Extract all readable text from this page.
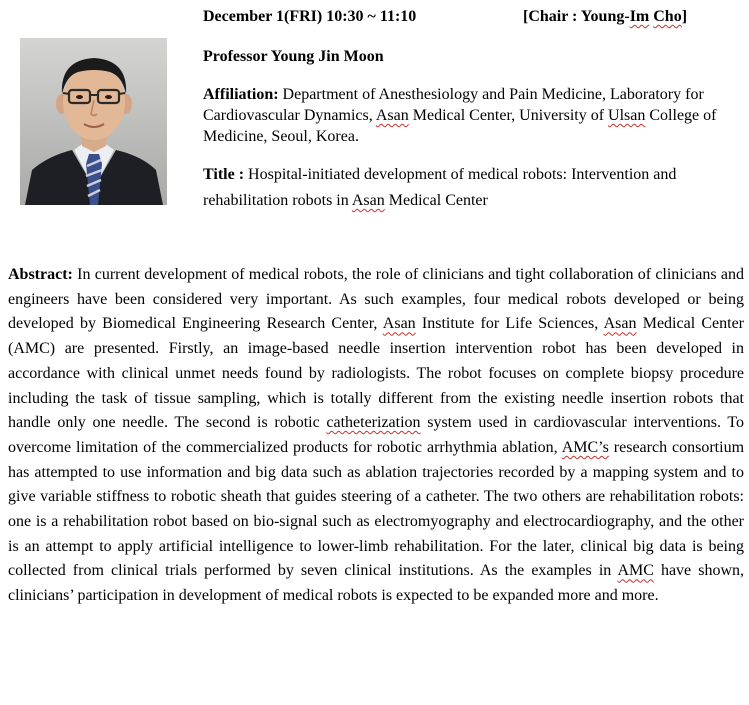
December 1(FRI) 10:30 ~ 11:10	[Chair : Young-Im Cho]
Professor Young Jin Moon
Affiliation: Department of Anesthesiology and Pain Medicine, Laboratory for Cardiovascular Dynamics, Asan Medical Center, University of Ulsan College of Medicine, Seoul, Korea.
Title : Hospital-initiated development of medical robots: Intervention and rehabilitation robots in Asan Medical Center
Abstract: In current development of medical robots, the role of clinicians and tight collaboration of clinicians and engineers have been considered very important. As such examples, four medical robots developed or being developed by Biomedical Engineering Research Center, Asan Institute for Life Sciences, Asan Medical Center (AMC) are presented. Firstly, an image-based needle insertion intervention robot has been developed in accordance with clinical unmet needs found by radiologists. The robot focuses on complete biopsy procedure including the task of tissue sampling, which is totally different from the existing needle insertion robots that handle only one needle. The second is robotic catheterization system used in cardiovascular interventions. To overcome limitation of the commercialized products for robotic arrhythmia ablation, AMC’s research consortium has attempted to use information and big data such as ablation trajectories recorded by a mapping system and to give variable stiffness to robotic sheath that guides steering of a catheter. The two others are rehabilitation robots: one is a rehabilitation robot based on bio-signal such as electromyography and electrocardiography, and the other is an attempt to apply artificial intelligence to lower-limb rehabilitation. For the later, clinical big data is being collected from clinical trials performed by seven clinical institutions. As the examples in AMC have shown, clinicians’ participation in development of medical robots is expected to be expanded more and more.
